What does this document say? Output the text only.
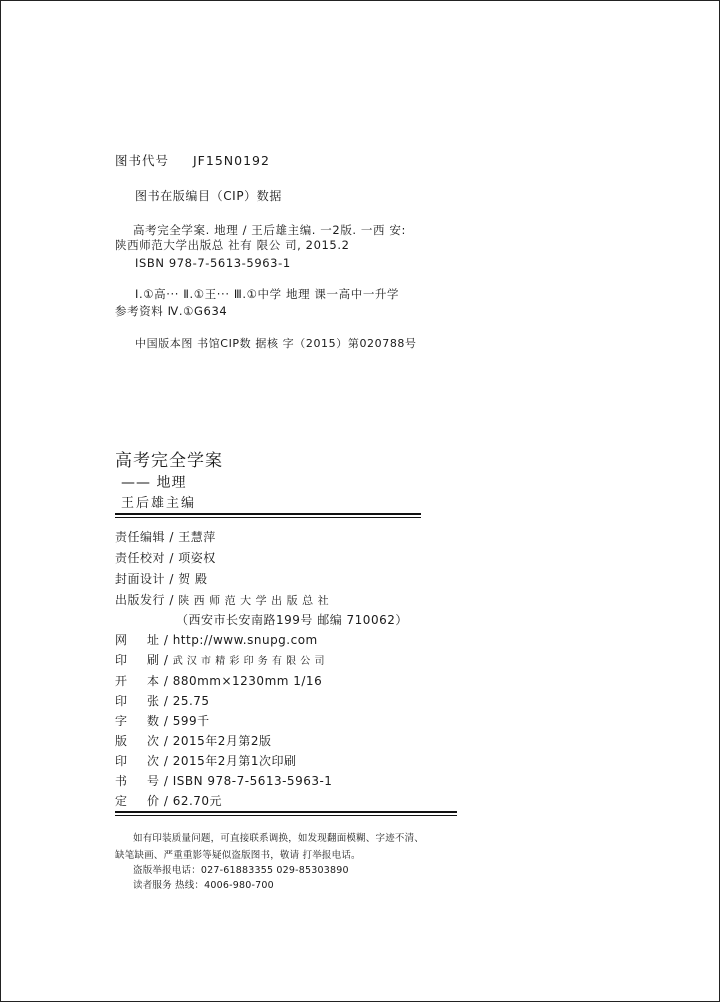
图书代号 JF15N0192
图书在版编目（CIP）数据
高考完全学案. 地理 / 王后雄主编. 一2版. 一西 安:
陕西师范大学出版总 社有 限公 司, 2015.2
ISBN 978-7-5613-5963-1
Ⅰ.①高··· Ⅱ.①王··· Ⅲ.①中学 地理 课一高中一升学
参考资料 Ⅳ.①G634
中国版本图 书馆CIP数 据核 字（2015）第020788号
高考完全学案
—— 地理
王后雄主编
责任编辑 / 王慧萍
责任校对 / 项姿权
封面设计 / 贺 殿
出版发行 / 陕 西 师 范 大 学 出 版 总 社
（西安市长安南路199号 邮编 710062）
网 址 / http://www.snupg.com
印 刷 / 武 汉 市 精 彩 印 务 有 限 公 司
开 本 / 880mm×1230mm 1/16
印 张 / 25.75
字 数 / 599千
版 次 / 2015年2月第2版
印 次 / 2015年2月第1次印刷
书 号 / ISBN 978-7-5613-5963-1
定 价 / 62.70元
如有印装质量问题，可直接联系调换，如发现翻面模糊、字迹不清、
缺笔缺画、严重重影等疑似盗版图书，敬请 打举报电话。
盗版举报电话：027-61883355 029-85303890
读者服务 热线：4006-980-700
